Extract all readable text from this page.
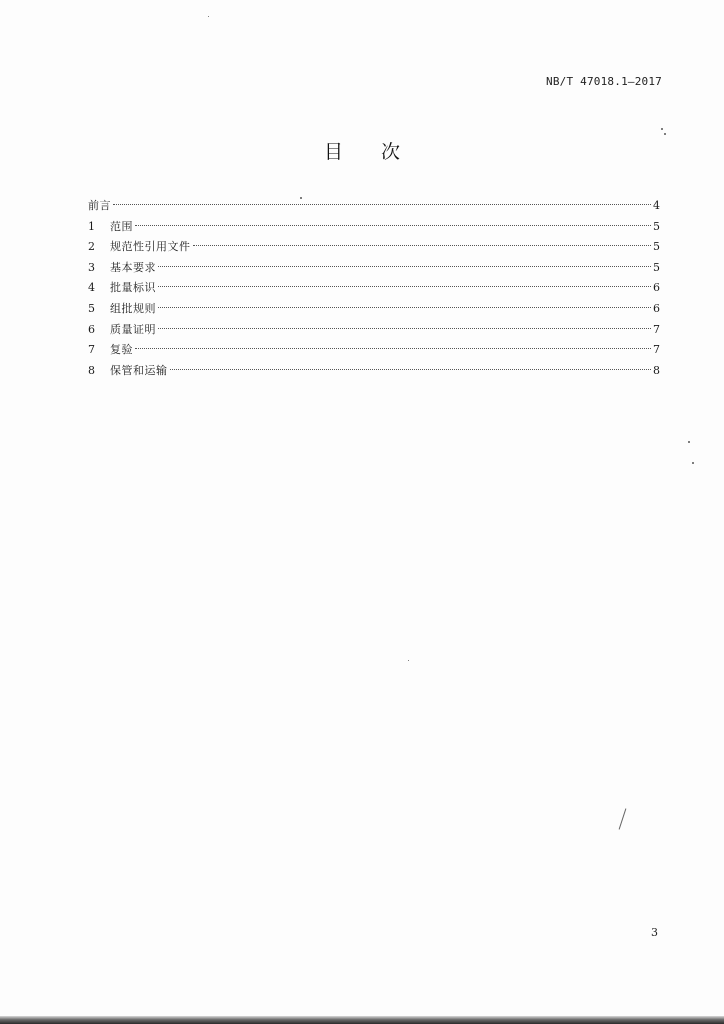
NB/T 47018.1—2017
目 次
前言	4
1	范围	5
2	规范性引用文件	5
3	基本要求	5
4	批量标识	6
5	组批规则	6
6	质量证明	7
7	复验	7
8	保管和运输	8
3
